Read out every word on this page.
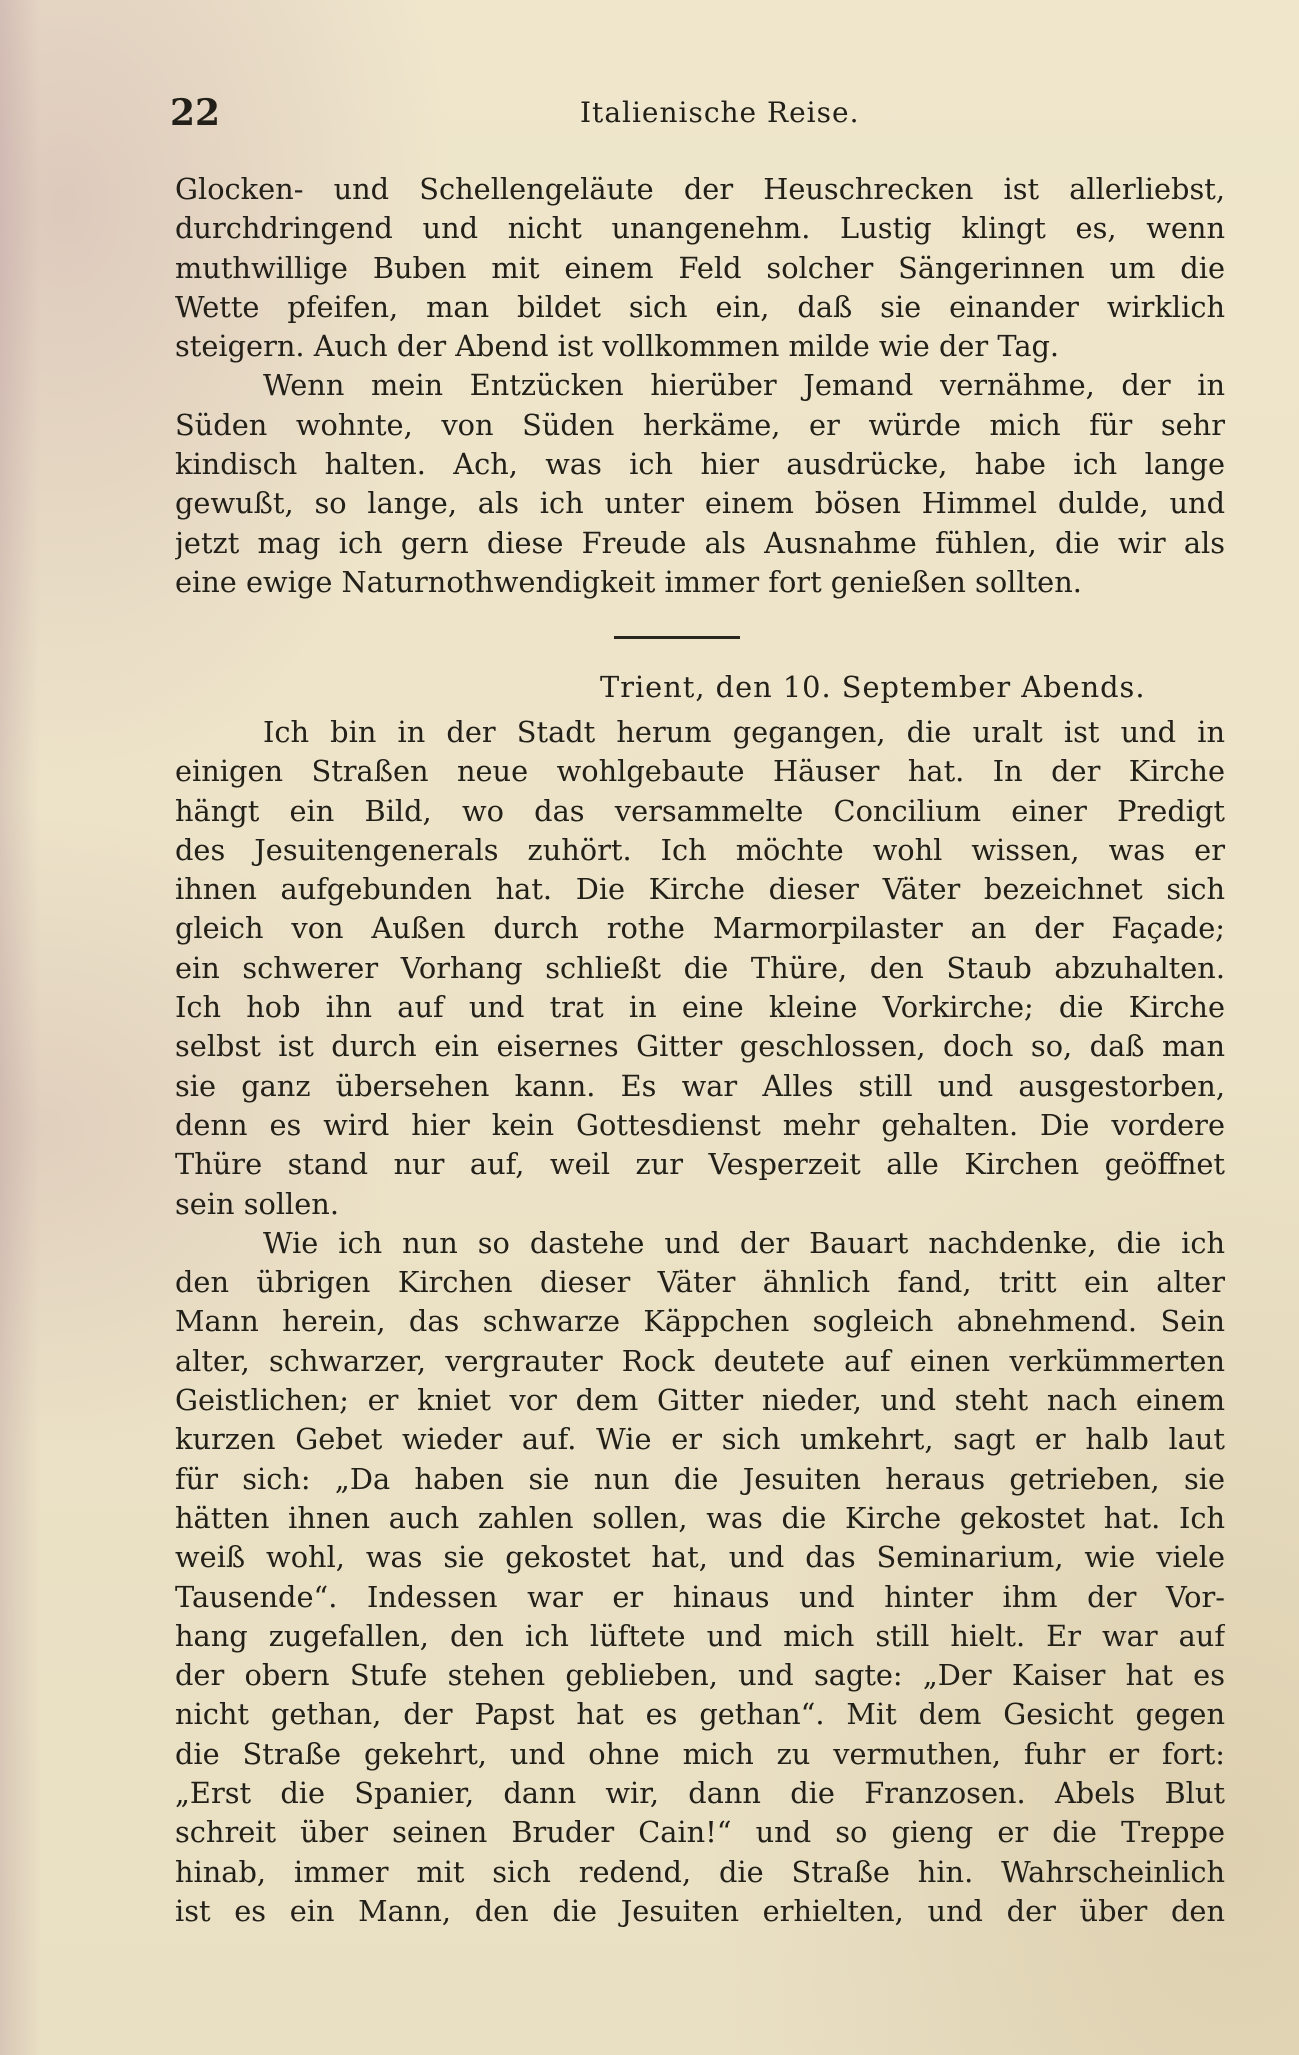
22	Italienische Reise.
Glocken- und Schellengeläute der Heuschrecken ist allerliebst,
durchdringend und nicht unangenehm. Lustig klingt es, wenn
muthwillige Buben mit einem Feld solcher Sängerinnen um die
Wette pfeifen, man bildet sich ein, daß sie einander wirklich
steigern. Auch der Abend ist vollkommen milde wie der Tag.
Wenn mein Entzücken hierüber Jemand vernähme, der in
Süden wohnte, von Süden herkäme, er würde mich für sehr
kindisch halten. Ach, was ich hier ausdrücke, habe ich lange
gewußt, so lange, als ich unter einem bösen Himmel dulde, und
jetzt mag ich gern diese Freude als Ausnahme fühlen, die wir als
eine ewige Naturnothwendigkeit immer fort genießen sollten.
Trient, den 10. September Abends.
Ich bin in der Stadt herum gegangen, die uralt ist und in
einigen Straßen neue wohlgebaute Häuser hat. In der Kirche
hängt ein Bild, wo das versammelte Concilium einer Predigt
des Jesuitengenerals zuhört. Ich möchte wohl wissen, was er
ihnen aufgebunden hat. Die Kirche dieser Väter bezeichnet sich
gleich von Außen durch rothe Marmorpilaster an der Façade;
ein schwerer Vorhang schließt die Thüre, den Staub abzuhalten.
Ich hob ihn auf und trat in eine kleine Vorkirche; die Kirche
selbst ist durch ein eisernes Gitter geschlossen, doch so, daß man
sie ganz übersehen kann. Es war Alles still und ausgestorben,
denn es wird hier kein Gottesdienst mehr gehalten. Die vordere
Thüre stand nur auf, weil zur Vesperzeit alle Kirchen geöffnet
sein sollen.
Wie ich nun so dastehe und der Bauart nachdenke, die ich
den übrigen Kirchen dieser Väter ähnlich fand, tritt ein alter
Mann herein, das schwarze Käppchen sogleich abnehmend. Sein
alter, schwarzer, vergrauter Rock deutete auf einen verkümmerten
Geistlichen; er kniet vor dem Gitter nieder, und steht nach einem
kurzen Gebet wieder auf. Wie er sich umkehrt, sagt er halb laut
für sich: „Da haben sie nun die Jesuiten heraus getrieben, sie
hätten ihnen auch zahlen sollen, was die Kirche gekostet hat. Ich
weiß wohl, was sie gekostet hat, und das Seminarium, wie viele
Tausende“. Indessen war er hinaus und hinter ihm der Vor-
hang zugefallen, den ich lüftete und mich still hielt. Er war auf
der obern Stufe stehen geblieben, und sagte: „Der Kaiser hat es
nicht gethan, der Papst hat es gethan“. Mit dem Gesicht gegen
die Straße gekehrt, und ohne mich zu vermuthen, fuhr er fort:
„Erst die Spanier, dann wir, dann die Franzosen. Abels Blut
schreit über seinen Bruder Cain!“ und so gieng er die Treppe
hinab, immer mit sich redend, die Straße hin. Wahrscheinlich
ist es ein Mann, den die Jesuiten erhielten, und der über den
